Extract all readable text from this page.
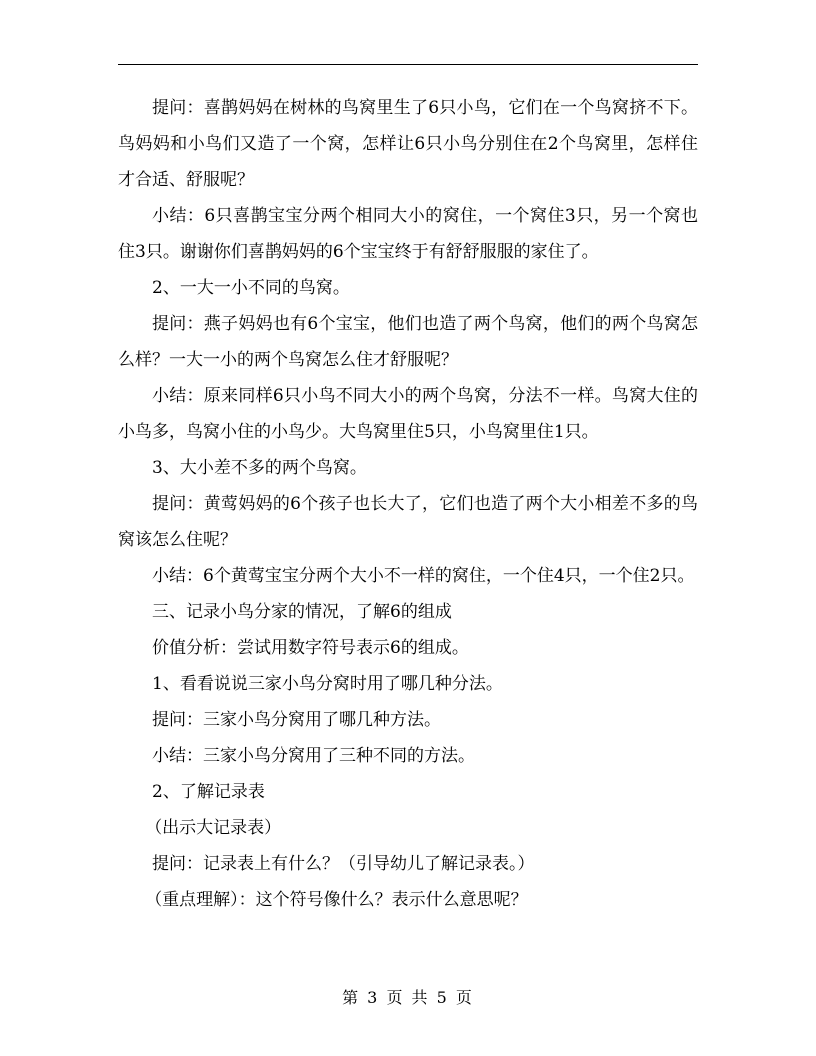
提问：喜鹊妈妈在树林的鸟窝里生了6只小鸟，它们在一个鸟窝挤不下。鸟妈妈和小鸟们又造了一个窝，怎样让6只小鸟分别住在2个鸟窝里，怎样住才合适、舒服呢？

小结：6只喜鹊宝宝分两个相同大小的窝住，一个窝住3只，另一个窝也住3只。谢谢你们喜鹊妈妈的6个宝宝终于有舒舒服服的家住了。

2、一大一小不同的鸟窝。

提问：燕子妈妈也有6个宝宝，他们也造了两个鸟窝，他们的两个鸟窝怎么样？一大一小的两个鸟窝怎么住才舒服呢？

小结：原来同样6只小鸟不同大小的两个鸟窝，分法不一样。鸟窝大住的小鸟多，鸟窝小住的小鸟少。大鸟窝里住5只，小鸟窝里住1只。

3、大小差不多的两个鸟窝。

提问：黄莺妈妈的6个孩子也长大了，它们也造了两个大小相差不多的鸟窝该怎么住呢？

小结：6个黄莺宝宝分两个大小不一样的窝住，一个住4只，一个住2只。

三、记录小鸟分家的情况，了解6的组成

价值分析：尝试用数字符号表示6的组成。

1、看看说说三家小鸟分窝时用了哪几种分法。

提问：三家小鸟分窝用了哪几种方法。

小结：三家小鸟分窝用了三种不同的方法。

2、了解记录表

（出示大记录表）

提问：记录表上有什么？（引导幼儿了解记录表。）

（重点理解）：这个符号像什么？表示什么意思呢？

第 3 页 共 5 页
